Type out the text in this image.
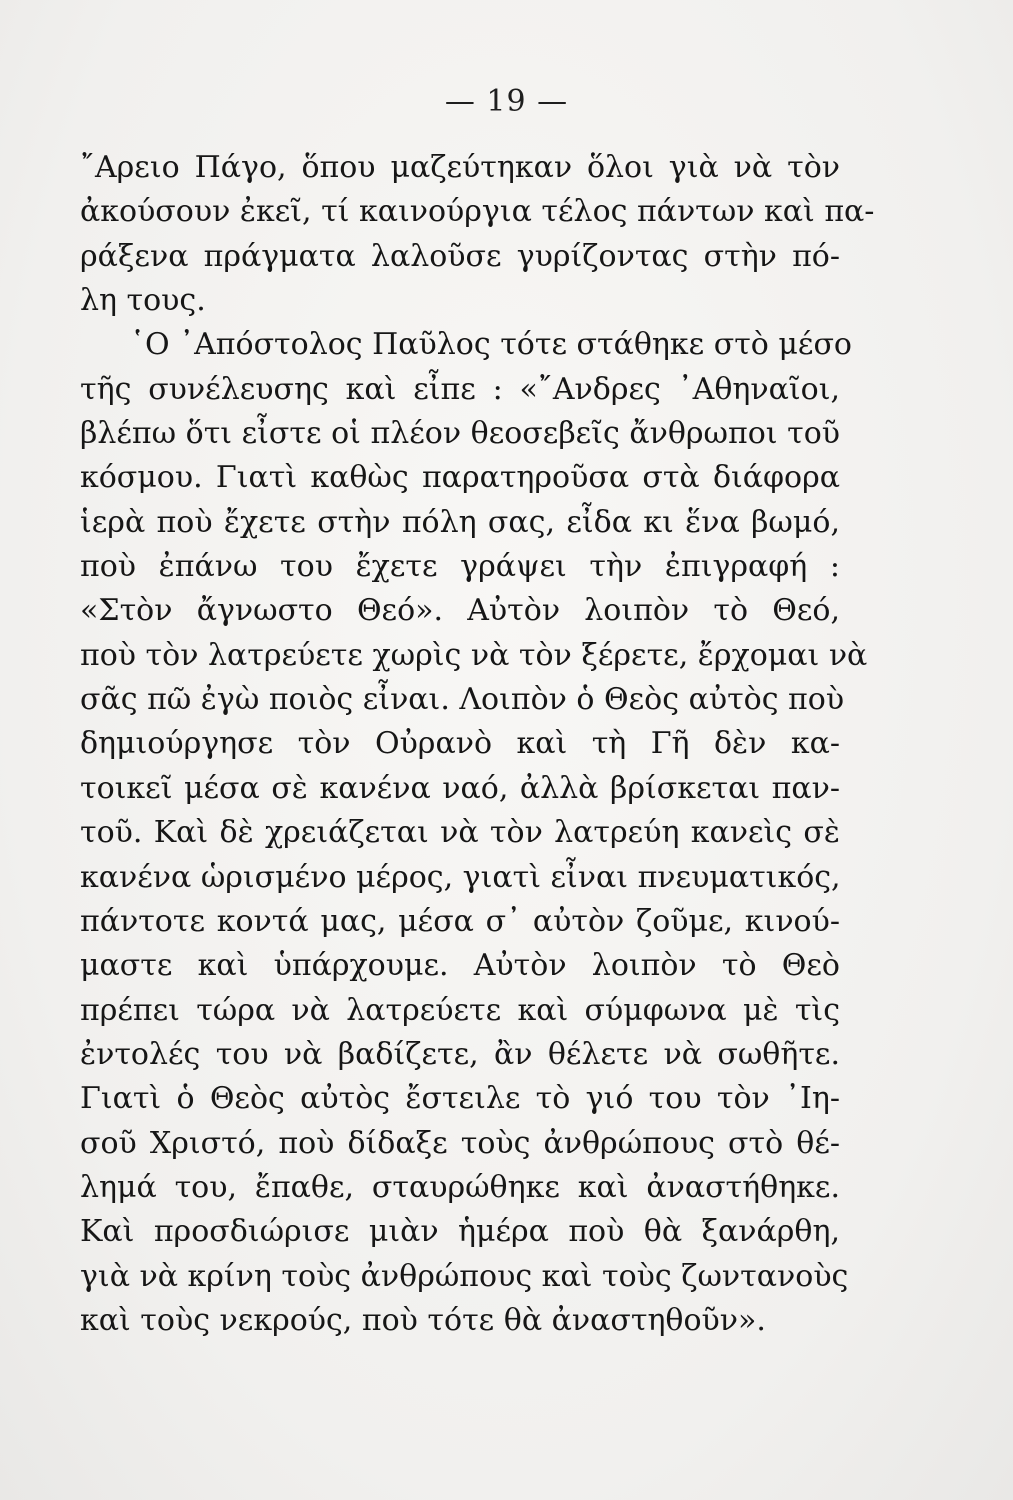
— 19 —
῎Αρειο Πάγο, ὅπου μαζεύτηκαν ὅλοι γιὰ νὰ τὸν
ἀκούσουν ἐκεῖ, τί καινούργια τέλος πάντων καὶ πα-
ράξενα πράγματα λαλοῦσε γυρίζοντας στὴν πό-
λη τους.
῾Ο ᾿Απόστολος Παῦλος τότε στάθηκε στὸ μέσο
τῆς συνέλευσης καὶ εἶπε : «῎Ανδρες ᾿Αθηναῖοι,
βλέπω ὅτι εἶστε οἱ πλέον θεοσεβεῖς ἄνθρωποι τοῦ
κόσμου. Γιατὶ καθὼς παρατηροῦσα στὰ διάφορα
ἱερὰ ποὺ ἔχετε στὴν πόλη σας, εἶδα κι ἕνα βωμό,
ποὺ ἐπάνω του ἔχετε γράψει τὴν ἐπιγραφή :
«Στὸν ἄγνωστο Θεό». Αὐτὸν λοιπὸν τὸ Θεό,
ποὺ τὸν λατρεύετε χωρὶς νὰ τὸν ξέρετε, ἔρχομαι νὰ
σᾶς πῶ ἐγὼ ποιὸς εἶναι. Λοιπὸν ὁ Θεὸς αὐτὸς ποὺ
δημιούργησε τὸν Οὐρανὸ καὶ τὴ Γῆ δὲν κα-
τοικεῖ μέσα σὲ κανένα ναό, ἀλλὰ βρίσκεται παν-
τοῦ. Καὶ δὲ χρειάζεται νὰ τὸν λατρεύη κανεὶς σὲ
κανένα ὡρισμένο μέρος, γιατὶ εἶναι πνευματικός,
πάντοτε κοντά μας, μέσα σ᾿ αὐτὸν ζοῦμε, κινού-
μαστε καὶ ὑπάρχουμε. Αὐτὸν λοιπὸν τὸ Θεὸ
πρέπει τώρα νὰ λατρεύετε καὶ σύμφωνα μὲ τὶς
ἐντολές του νὰ βαδίζετε, ἂν θέλετε νὰ σωθῆτε.
Γιατὶ ὁ Θεὸς αὐτὸς ἔστειλε τὸ γιό του τὸν ᾿Ιη-
σοῦ Χριστό, ποὺ δίδαξε τοὺς ἀνθρώπους στὸ θέ-
λημά του, ἔπαθε, σταυρώθηκε καὶ ἀναστήθηκε.
Καὶ προσδιώρισε μιὰν ἡμέρα ποὺ θὰ ξανάρθη,
γιὰ νὰ κρίνη τοὺς ἀνθρώπους καὶ τοὺς ζωντανοὺς
καὶ τοὺς νεκρούς, ποὺ τότε θὰ ἀναστηθοῦν».
